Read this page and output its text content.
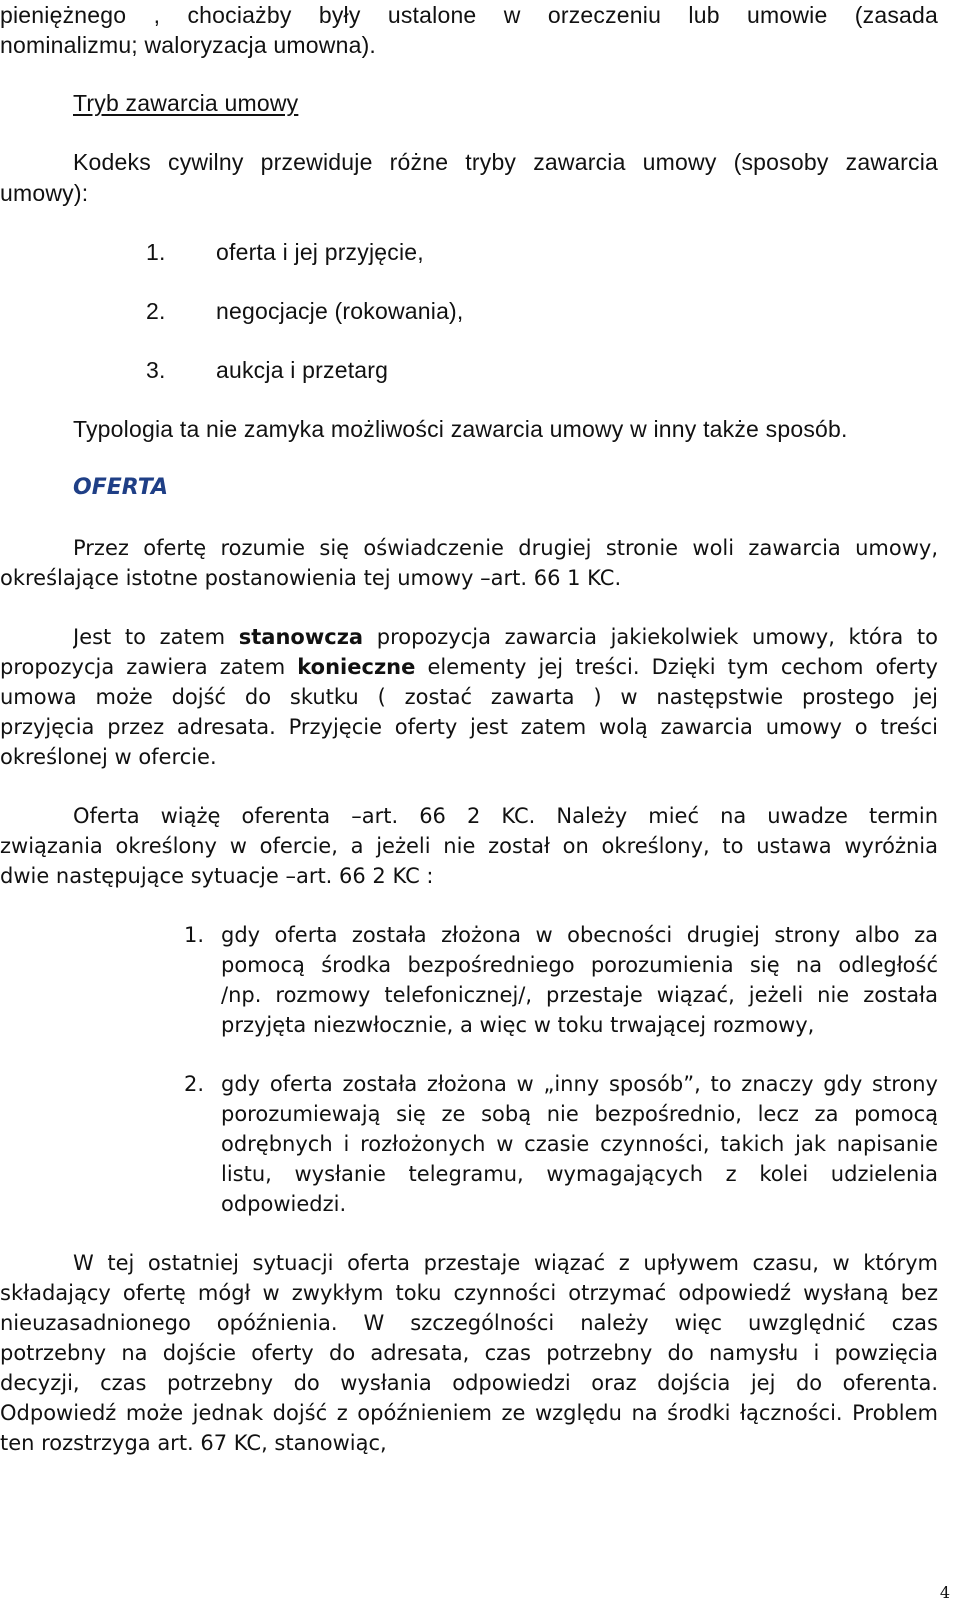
pieniężnego , chociażby były ustalone w orzeczeniu lub umowie (zasada
nominalizmu; waloryzacja umowna).
Tryb zawarcia umowy
Kodeks cywilny przewiduje różne tryby zawarcia umowy (sposoby zawarcia
umowy):
1. oferta i jej przyjęcie,
2. negocjacje (rokowania),
3. aukcja i przetarg
Typologia ta nie zamyka możliwości zawarcia umowy w inny także sposób.
OFERTA
Przez ofertę rozumie się oświadczenie drugiej stronie woli zawarcia umowy,
określające istotne postanowienia tej umowy –art. 66 1 KC.
Jest to zatem stanowcza propozycja zawarcia jakiekolwiek umowy, która to
propozycja zawiera zatem konieczne elementy jej treści. Dzięki tym cechom oferty
umowa może dojść do skutku ( zostać zawarta ) w następstwie prostego jej
przyjęcia przez adresata. Przyjęcie oferty jest zatem wolą zawarcia umowy o treści
określonej w ofercie.
Oferta wiążę oferenta –art. 66 2 KC. Należy mieć na uwadze termin
związania określony w ofercie, a jeżeli nie został on określony, to ustawa wyróżnia
dwie następujące sytuacje –art. 66 2 KC :
1. gdy oferta została złożona w obecności drugiej strony albo za
pomocą środka bezpośredniego porozumienia się na odległość
/np. rozmowy telefonicznej/, przestaje wiązać, jeżeli nie została
przyjęta niezwłocznie, a więc w toku trwającej rozmowy,
2. gdy oferta została złożona w „inny sposób”, to znaczy gdy strony
porozumiewają się ze sobą nie bezpośrednio, lecz za pomocą
odrębnych i rozłożonych w czasie czynności, takich jak napisanie
listu, wysłanie telegramu, wymagających z kolei udzielenia
odpowiedzi.
W tej ostatniej sytuacji oferta przestaje wiązać z upływem czasu, w którym
składający ofertę mógł w zwykłym toku czynności otrzymać odpowiedź wysłaną bez
nieuzasadnionego opóźnienia. W szczególności należy więc uwzględnić czas
potrzebny na dojście oferty do adresata, czas potrzebny do namysłu i powzięcia
decyzji, czas potrzebny do wysłania odpowiedzi oraz dojścia jej do oferenta.
Odpowiedź może jednak dojść z opóźnieniem ze względu na środki łączności. Problem
ten rozstrzyga art. 67 KC, stanowiąc,
4
